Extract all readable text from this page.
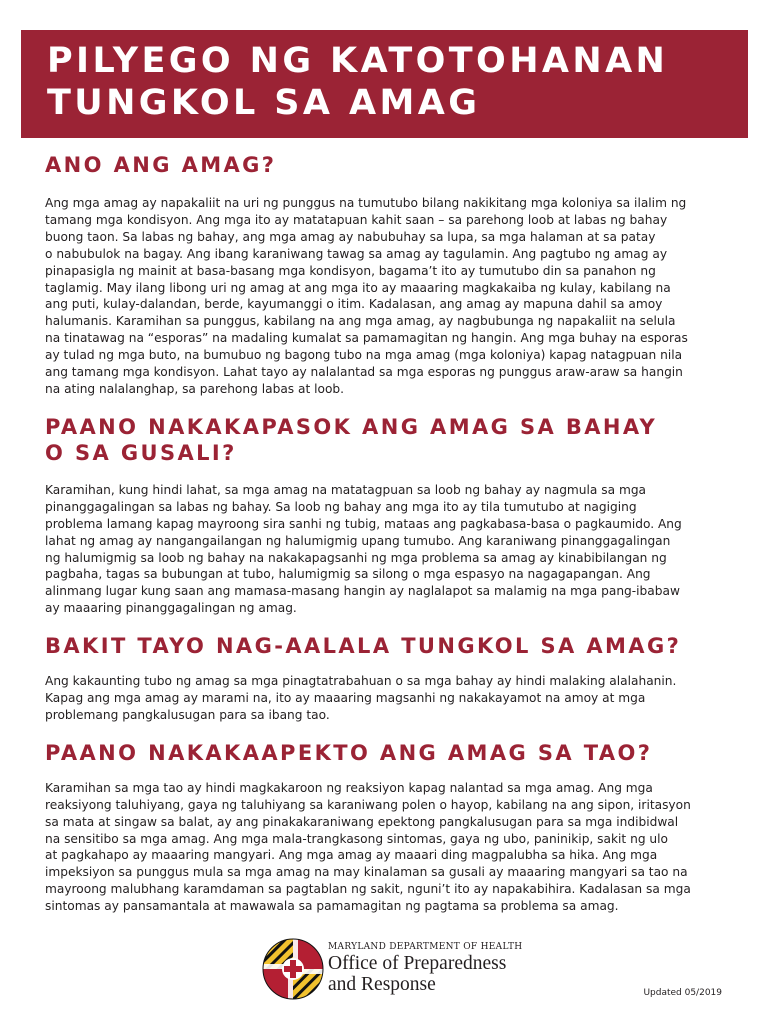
PILYEGO NG KATOTOHANAN
TUNGKOL SA AMAG
ANO ANG AMAG?

Ang mga amag ay napakaliit na uri ng punggus na tumutubo bilang nakikitang mga koloniya sa ilalim ng
tamang mga kondisyon. Ang mga ito ay matatapuan kahit saan – sa parehong loob at labas ng bahay
buong taon. Sa labas ng bahay, ang mga amag ay nabubuhay sa lupa, sa mga halaman at sa patay
o nabubulok na bagay. Ang ibang karaniwang tawag sa amag ay tagulamin. Ang pagtubo ng amag ay
pinapasigla ng mainit at basa-basang mga kondisyon, bagama’t ito ay tumutubo din sa panahon ng
taglamig. May ilang libong uri ng amag at ang mga ito ay maaaring magkakaiba ng kulay, kabilang na
ang puti, kulay-dalandan, berde, kayumanggi o itim. Kadalasan, ang amag ay mapuna dahil sa amoy
halumanis. Karamihan sa punggus, kabilang na ang mga amag, ay nagbubunga ng napakaliit na selula
na tinatawag na “esporas” na madaling kumalat sa pamamagitan ng hangin. Ang mga buhay na esporas
ay tulad ng mga buto, na bumubuo ng bagong tubo na mga amag (mga koloniya) kapag natagpuan nila
ang tamang mga kondisyon. Lahat tayo ay nalalantad sa mga esporas ng punggus araw-araw sa hangin
na ating nalalanghap, sa parehong labas at loob.

PAANO NAKAKAPASOK ANG AMAG SA BAHAY
O SA GUSALI?

Karamihan, kung hindi lahat, sa mga amag na matatagpuan sa loob ng bahay ay nagmula sa mga
pinanggagalingan sa labas ng bahay. Sa loob ng bahay ang mga ito ay tila tumutubo at nagiging
problema lamang kapag mayroong sira sanhi ng tubig, mataas ang pagkabasa-basa o pagkaumido. Ang
lahat ng amag ay nangangailangan ng halumigmig upang tumubo. Ang karaniwang pinanggagalingan
ng halumigmig sa loob ng bahay na nakakapagsanhi ng mga problema sa amag ay kinabibilangan ng
pagbaha, tagas sa bubungan at tubo, halumigmig sa silong o mga espasyo na nagagapangan. Ang
alinmang lugar kung saan ang mamasa-masang hangin ay naglalapot sa malamig na mga pang-ibabaw
ay maaaring pinanggagalingan ng amag.

BAKIT TAYO NAG-AALALA TUNGKOL SA AMAG?

Ang kakaunting tubo ng amag sa mga pinagtatrabahuan o sa mga bahay ay hindi malaking alalahanin.
Kapag ang mga amag ay marami na, ito ay maaaring magsanhi ng nakakayamot na amoy at mga
problemang pangkalusugan para sa ibang tao.

PAANO NAKAKAAPEKTO ANG AMAG SA TAO?

Karamihan sa mga tao ay hindi magkakaroon ng reaksiyon kapag nalantad sa mga amag. Ang mga
reaksiyong taluhiyang, gaya ng taluhiyang sa karaniwang polen o hayop, kabilang na ang sipon, iritasyon
sa mata at singaw sa balat, ay ang pinakakaraniwang epektong pangkalusugan para sa mga indibidwal
na sensitibo sa mga amag. Ang mga mala-trangkasong sintomas, gaya ng ubo, paninikip, sakit ng ulo
at pagkahapo ay maaaring mangyari. Ang mga amag ay maaari ding magpalubha sa hika. Ang mga
impeksiyon sa punggus mula sa mga amag na may kinalaman sa gusali ay maaaring mangyari sa tao na
mayroong malubhang karamdaman sa pagtablan ng sakit, nguni’t ito ay napakabihira. Kadalasan sa mga
sintomas ay pansamantala at mawawala sa pamamagitan ng pagtama sa problema sa amag.

MARYLAND DEPARTMENT OF HEALTH
Office of Preparedness
and Response	Updated 05/2019
